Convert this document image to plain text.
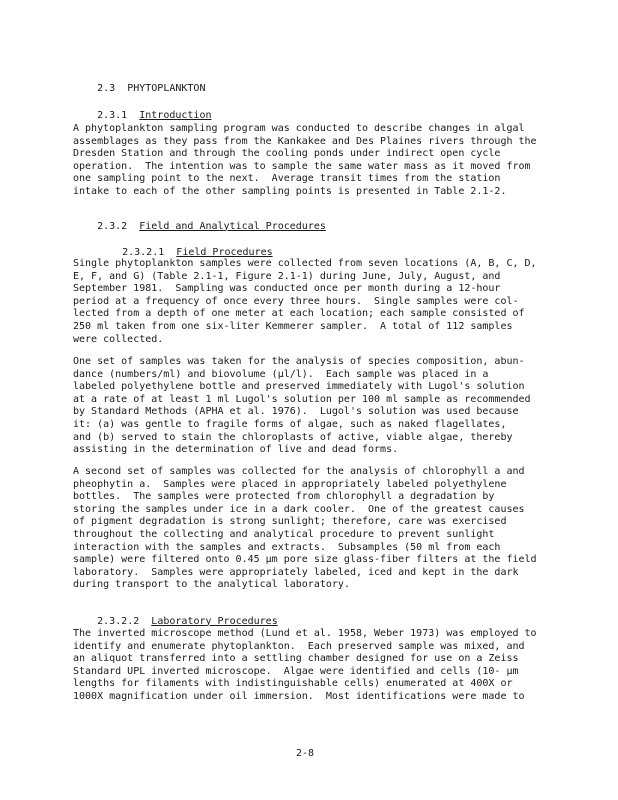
2.3 PHYTOPLANKTON

2.3.1 Introduction

A phytoplankton sampling program was conducted to describe changes in algal
assemblages as they pass from the Kankakee and Des Plaines rivers through the
Dresden Station and through the cooling ponds under indirect open cycle
operation.  The intention was to sample the same water mass as it moved from
one sampling point to the next.  Average transit times from the station
intake to each of the other sampling points is presented in Table 2.1-2.

2.3.2 Field and Analytical Procedures

2.3.2.1 Field Procedures

Single phytoplankton samples were collected from seven locations (A, B, C, D,
E, F, and G) (Table 2.1-1, Figure 2.1-1) during June, July, August, and
September 1981.  Sampling was conducted once per month during a 12-hour
period at a frequency of once every three hours.  Single samples were col-
lected from a depth of one meter at each location; each sample consisted of
250 ml taken from one six-liter Kemmerer sampler.  A total of 112 samples
were collected.
One set of samples was taken for the analysis of species composition, abun-
dance (numbers/ml) and biovolume (µl/l).  Each sample was placed in a
labeled polyethylene bottle and preserved immediately with Lugol's solution
at a rate of at least 1 ml Lugol's solution per 100 ml sample as recommended
by Standard Methods (APHA et al. 1976).  Lugol's solution was used because
it: (a) was gentle to fragile forms of algae, such as naked flagellates,
and (b) served to stain the chloroplasts of active, viable algae, thereby
assisting in the determination of live and dead forms.
A second set of samples was collected for the analysis of chlorophyll a and
pheophytin a.  Samples were placed in appropriately labeled polyethylene
bottles.  The samples were protected from chlorophyll a degradation by
storing the samples under ice in a dark cooler.  One of the greatest causes
of pigment degradation is strong sunlight; therefore, care was exercised
throughout the collecting and analytical procedure to prevent sunlight
interaction with the samples and extracts.  Subsamples (50 ml from each
sample) were filtered onto 0.45 µm pore size glass-fiber filters at the field
laboratory.  Samples were appropriately labeled, iced and kept in the dark
during transport to the analytical laboratory.

2.3.2.2 Laboratory Procedures

The inverted microscope method (Lund et al. 1958, Weber 1973) was employed to
identify and enumerate phytoplankton.  Each preserved sample was mixed, and
an aliquot transferred into a settling chamber designed for use on a Zeiss
Standard UPL inverted microscope.  Algae were identified and cells (10- µm
lengths for filaments with indistinguishable cells) enumerated at 400X or
1000X magnification under oil immersion.  Most identifications were made to
2-8
